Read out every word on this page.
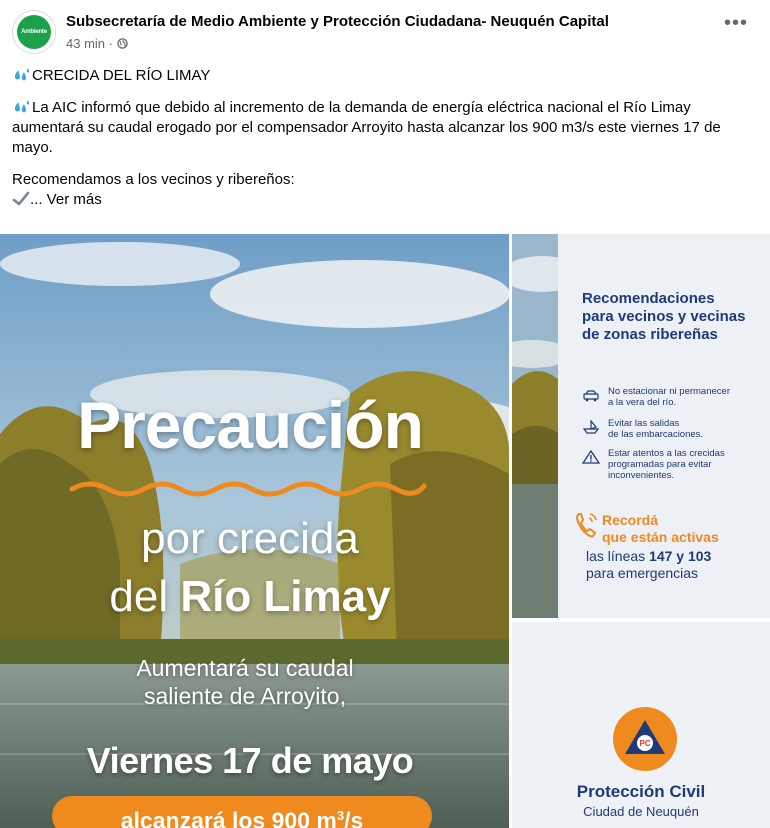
Ambiente
Subsecretaría de Medio Ambiente y Protección Ciudadana- Neuquén Capital
43 min ·
•••

CRECIDA DEL RÍO LIMAY

La AIC informó que debido al incremento de la demanda de energía eléctrica nacional el Río Limay aumentará su caudal erogado por el compensador Arroyito hasta alcanzar los 900 m3/s este viernes 17 de mayo.

Recomendamos a los vecinos y ribereños:

... Ver más

Precaución
por crecida
del Río Limay
Aumentará su caudal
saliente de Arroyito,
Viernes 17 de mayo
alcanzará los 900 $m^3/s$
Recomendaciones
para vecinos y vecinas
de zonas ribereñas
No estacionar ni permanecer
a la vera del río.
Evitar las salidas
de las embarcaciones.
Estar atentos a las crecidas
programadas para evitar
inconvenientes.
Recordá
que están activas
las líneas 147 y 103
para emergencias
PC
Protección Civil
Ciudad de Neuquén
